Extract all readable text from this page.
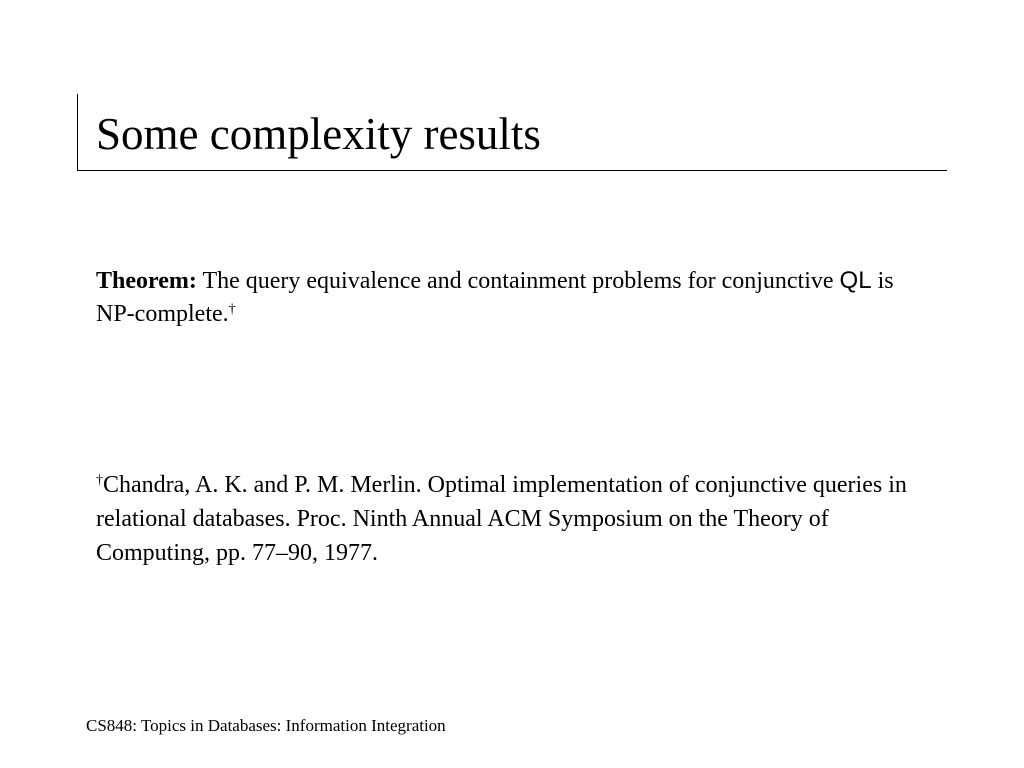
Some complexity results

Theorem: The query equivalence and containment problems for conjunctive QL is NP-complete.†

†Chandra, A. K. and P. M. Merlin. Optimal implementation of conjunctive queries in relational databases. Proc. Ninth Annual ACM Symposium on the Theory of Computing, pp. 77–90, 1977.

CS848: Topics in Databases: Information Integration
